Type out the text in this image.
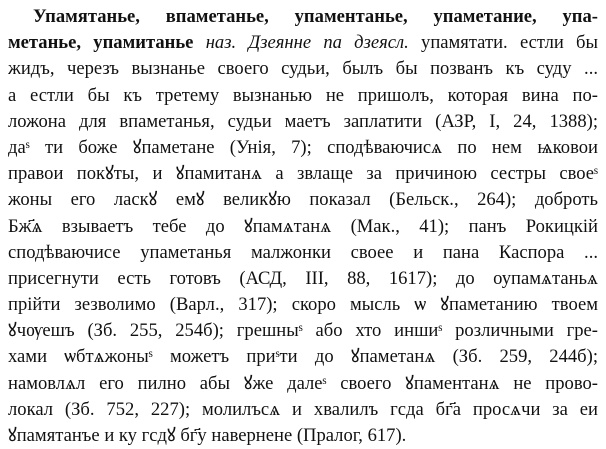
Упамятанье, впаметанье, упаментанье, упаметание, упа-
метанье, упамитанье наз. Дзеянне па дзеясл. упамятати. естли бы
жидъ, черезъ вызнанье своего судьи, былъ бы позванъ къ суду ...
а естли бы къ третему вызнанью не пришолъ, которая вина по-
ложона для впаметанья, судьи маетъ заплатити (АЗР, І, 24, 1388);
даˢ ти боже ꙋпаметане (Унія, 7); сподѣваючисѧ по нем ѩковои
правои покꙋты, и ꙋпамитанѧ а звлаще за причиною сестры своеˢ
жоны его ласкꙋ емꙋ великꙋю показал (Бельск., 264); доброть
Бж҃ѧ взываетъ тебе до ꙋпамѧтанѧ (Мак., 41); панъ Рокицкій
сподѣваючисе упаметанья малжонки своее и пана Каспора ...
присегнути есть готовъ (АСД, III, 88, 1617); до оупамѧтаньѧ
прійти зезволимо (Варл., 317); скоро мысль ѡ ꙋпаметанию твоем
ꙋчѹешъ (Зб. 255, 254б); грешныˢ або хто иншиˢ розличными гре-
хами ѡбтѧжоныˢ можетъ приˢти до ꙋпаметанѧ (Зб. 259, 244б);
намовлѧл его пилно абы ꙋже далеˢ своего ꙋпаментанѧ не прово-
локал (Зб. 752, 227); молилъсѧ и хвалилъ гсда бг҃а просѧчи за еи
ꙋпамятанъе и ку гсдꙋ бг҃у навернене (Пралог, 617).
